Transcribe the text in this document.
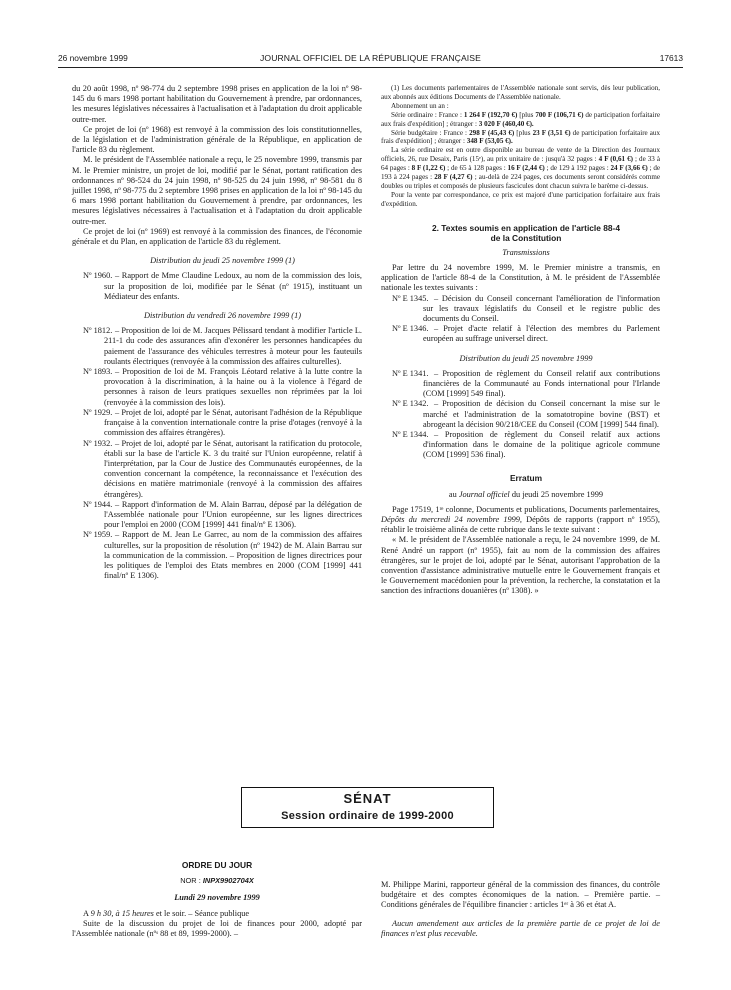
26 novembre 1999	JOURNAL OFFICIEL DE LA RÉPUBLIQUE FRANÇAISE	17613

du 20 août 1998, nº 98-774 du 2 septembre 1998 prises en application de la loi nº 98-145 du 6 mars 1998 portant habilitation du Gouvernement à prendre, par ordonnances, les mesures législatives nécessaires à l'actualisation et à l'adaptation du droit applicable outre-mer.

Ce projet de loi (nº 1968) est renvoyé à la commission des lois constitutionnelles, de la législation et de l'administration générale de la République, en application de l'article 83 du règlement.

M. le président de l'Assemblée nationale a reçu, le 25 novembre 1999, transmis par M. le Premier ministre, un projet de loi, modifié par le Sénat, portant ratification des ordonnances nº 98-524 du 24 juin 1998, nº 98-525 du 24 juin 1998, nº 98-581 du 8 juillet 1998, nº 98-775 du 2 septembre 1998 prises en application de la loi nº 98-145 du 6 mars 1998 portant habilitation du Gouvernement à prendre, par ordonnances, les mesures législatives nécessaires à l'actualisation et à l'adaptation du droit applicable outre-mer.

Ce projet de loi (nº 1969) est renvoyé à la commission des finances, de l'économie générale et du Plan, en application de l'article 83 du règlement.

Distribution du jeudi 25 novembre 1999 (1)

Nº 1960. – Rapport de Mme Claudine Ledoux, au nom de la commission des lois, sur la proposition de loi, modifiée par le Sénat (nº 1915), instituant un Médiateur des enfants.

Distribution du vendredi 26 novembre 1999 (1)

Nº 1812. – Proposition de loi de M. Jacques Pélissard tendant à modifier l'article L. 211-1 du code des assurances afin d'exonérer les personnes handicapées du paiement de l'assurance des véhicules terrestres à moteur pour les fauteuils roulants électriques (renvoyée à la commission des affaires culturelles).

Nº 1893. – Proposition de loi de M. François Léotard relative à la lutte contre la provocation à la discrimination, à la haine ou à la violence à l'égard de personnes à raison de leurs pratiques sexuelles non réprimées par la loi (renvoyée à la commission des lois).

Nº 1929. – Projet de loi, adopté par le Sénat, autorisant l'adhésion de la République française à la convention internationale contre la prise d'otages (renvoyé à la commission des affaires étrangères).

Nº 1932. – Projet de loi, adopté par le Sénat, autorisant la ratification du protocole, établi sur la base de l'article K. 3 du traité sur l'Union européenne, relatif à l'interprétation, par la Cour de Justice des Communautés européennes, de la convention concernant la compétence, la reconnaissance et l'exécution des décisions en matière matrimoniale (renvoyé à la commission des affaires étrangères).

Nº 1944. – Rapport d'information de M. Alain Barrau, déposé par la délégation de l'Assemblée nationale pour l'Union européenne, sur les lignes directrices pour l'emploi en 2000 (COM [1999] 441 final/nº E 1306).

Nº 1959. – Rapport de M. Jean Le Garrec, au nom de la commission des affaires culturelles, sur la proposition de résolution (nº 1942) de M. Alain Barrau sur la communication de la commission. – Proposition de lignes directrices pour les politiques de l'emploi des Etats membres en 2000 (COM [1999] 441 final/nº E 1306).

(1) Les documents parlementaires de l'Assemblée nationale sont servis, dès leur publication, aux abonnés aux éditions Documents de l'Assemblée nationale.

Abonnement un an :

Série ordinaire : France : 1 264 F (192,70 €) [plus 700 F (106,71 €) de participation forfaitaire aux frais d'expédition] ; étranger : 3 020 F (460,40 €).

Série budgétaire : France : 298 F (45,43 €) [plus 23 F (3,51 €) de participation forfaitaire aux frais d'expédition] ; étranger : 348 F (53,05 €).

La série ordinaire est en outre disponible au bureau de vente de la Direction des Journaux officiels, 26, rue Desaix, Paris (15ᵉ), au prix unitaire de : jusqu'à 32 pages : 4 F (0,61 €) ; de 33 à 64 pages : 8 F (1,22 €) ; de 65 à 128 pages : 16 F (2,44 €) ; de 129 à 192 pages : 24 F (3,66 €) ; de 193 à 224 pages : 28 F (4,27 €) ; au-delà de 224 pages, ces documents seront considérés comme doubles ou triples et composés de plusieurs fascicules dont chacun suivra le barème ci-dessus.

Pour la vente par correspondance, ce prix est majoré d'une participation forfaitaire aux frais d'expédition.

2. Textes soumis en application de l'article 88-4

de la Constitution

Transmissions

Par lettre du 24 novembre 1999, M. le Premier ministre a transmis, en application de l'article 88-4 de la Constitution, à M. le président de l'Assemblée nationale les textes suivants :

Nº E 1345. – Décision du Conseil concernant l'amélioration de l'information sur les travaux législatifs du Conseil et le registre public des documents du Conseil.

Nº E 1346. – Projet d'acte relatif à l'élection des membres du Parlement européen au suffrage universel direct.

Distribution du jeudi 25 novembre 1999

Nº E 1341. – Proposition de règlement du Conseil relatif aux contributions financières de la Communauté au Fonds international pour l'Irlande (COM [1999] 549 final).

Nº E 1342. – Proposition de décision du Conseil concernant la mise sur le marché et l'administration de la somatotropine bovine (BST) et abrogeant la décision 90/218/CEE du Conseil (COM [1999] 544 final).

Nº E 1344. – Proposition de règlement du Conseil relatif aux actions d'information dans le domaine de la politique agricole commune (COM [1999] 536 final).

Erratum

au Journal officiel du jeudi 25 novembre 1999

Page 17519, 1ʳᵉ colonne, Documents et publications, Documents parlementaires, Dépôts du mercredi 24 novembre 1999, Dépôts de rapports (rapport nº 1955), rétablir le troisième alinéa de cette rubrique dans le texte suivant :

« M. le président de l'Assemblée nationale a reçu, le 24 novembre 1999, de M. René André un rapport (nº 1955), fait au nom de la commission des affaires étrangères, sur le projet de loi, adopté par le Sénat, autorisant l'approbation de la convention d'assistance administrative mutuelle entre le Gouvernement français et le Gouvernement macédonien pour la prévention, la recherche, la constatation et la sanction des infractions douanières (nº 1308). »

SÉNAT
Session ordinaire de 1999-2000
ORDRE DU JOUR
NOR : INPX9902704X
Lundi 29 novembre 1999

A 9 h 30, à 15 heures et le soir. – Séance publique

Suite de la discussion du projet de loi de finances pour 2000, adopté par l'Assemblée nationale (nºˢ 88 et 89, 1999-2000). –

M. Philippe Marini, rapporteur général de la commission des finances, du contrôle budgétaire et des comptes économiques de la nation. – Première partie. – Conditions générales de l'équilibre financier : articles 1ᵉʳ à 36 et état A.

Aucun amendement aux articles de la première partie de ce projet de loi de finances n'est plus recevable.
